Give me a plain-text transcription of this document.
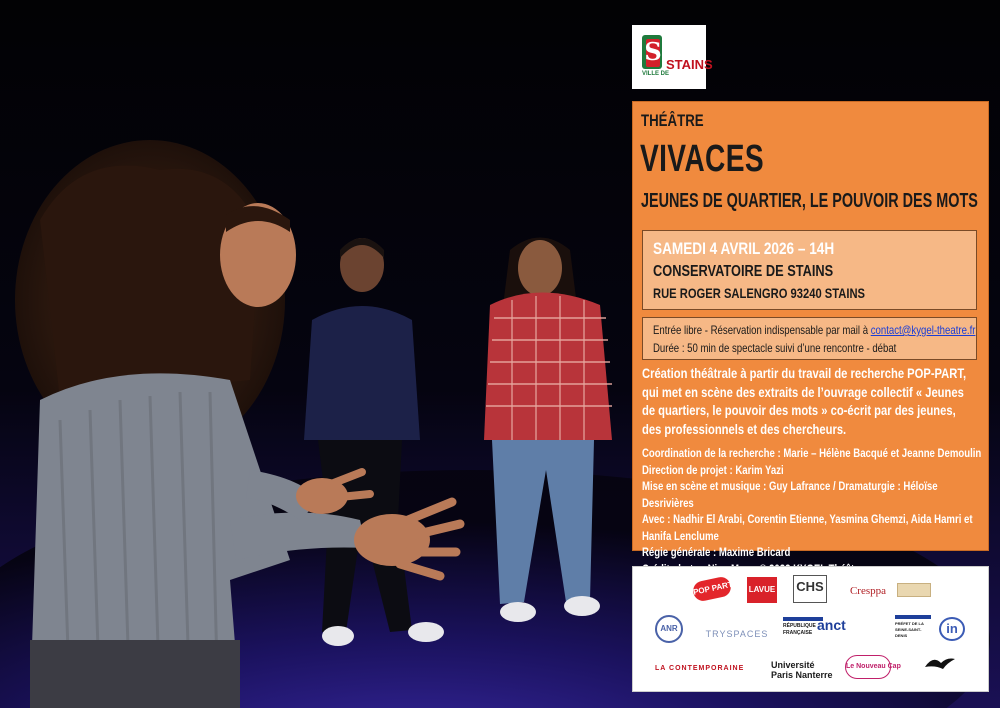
S STAINS
VILLE DE
THÉÂTRE
VIVACES
JEUNES DE QUARTIER, LE POUVOIR DES MOTS
SAMEDI 4 AVRIL 2026 – 14H
CONSERVATOIRE DE STAINS
RUE ROGER SALENGRO 93240 STAINS
Entrée libre - Réservation indispensable par mail à contact@kygel-theatre.fr
Durée : 50 min de spectacle suivi d’une rencontre - débat
Création théâtrale à partir du travail de recherche POP-PART, qui met en scène des extraits de l’ouvrage collectif « Jeunes de quartiers, le pouvoir des mots » co-écrit par des jeunes, des professionnels et des chercheurs.
Coordination de la recherche : Marie – Hélène Bacqué et Jeanne Demoulin
Direction de projet : Karim Yazi
Mise en scène et musique : Guy Lafrance / Dramaturgie : Héloïse Desrivières
Avec : Nadhir El Arabi, Corentin Etienne, Yasmina Ghemzi, Aida Hamri et Hanifa Lenclume
Régie générale : Maxime Bricard
POP PART LAVUE CHS	Cresppa
ANR
TRYSPACES
RÉPUBLIQUE FRANÇAISE anct	PRÉFET DE LA SEINE-SAINT-DENIS	in
LA CONTEMPORAINE	Université
Paris Nanterre
Le Nouveau Cap
